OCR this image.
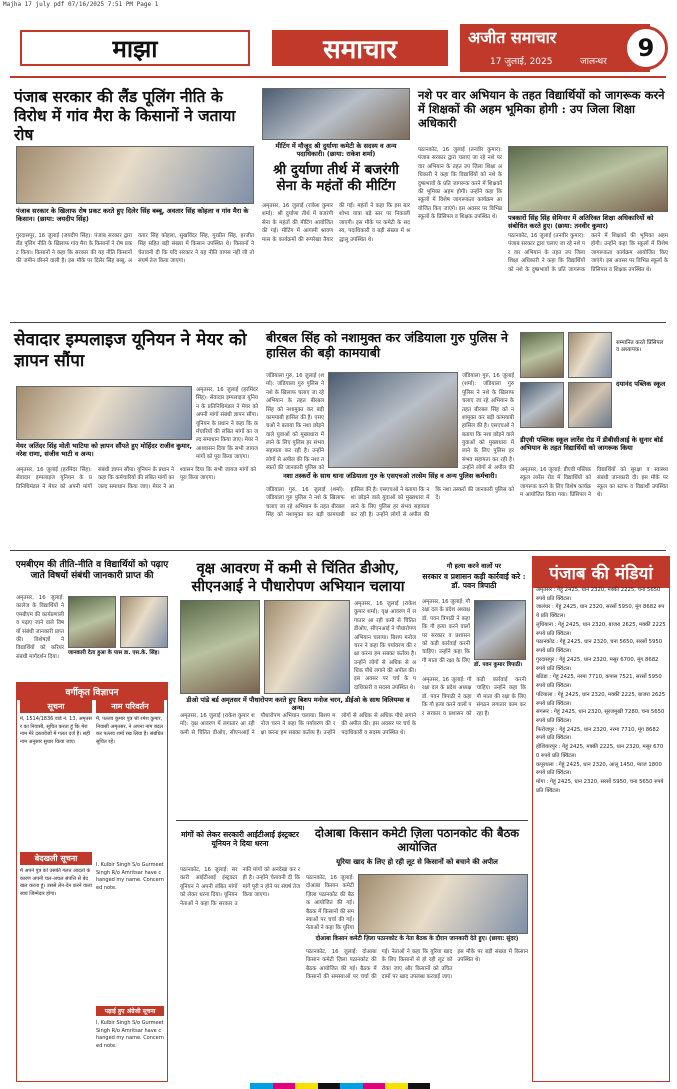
Majha 17 july pdf 07/16/2025 7:51 PM Page 1
माझा	समाचार	अजीत समाचार
17 जुलाई, 2025	जालन्धर	9
पंजाब सरकार की लैंड पूलिंग नीति के विरोध में गांव मैरा के किसानों ने जताया रोष
पंजाब सरकार के खिलाफ रोष प्रकट करते हुए दिलेर सिंह बब्बू, अवतार सिंह कोहला व गांव मैरा के किसान। (छाया: जयदीप सिंह)
गुरदासपुर, 16 जुलाई (जयदीप सिंह): पंजाब सरकार द्वारा लैंड पूलिंग नीति के खिलाफ गांव मैरा के किसानों ने रोष प्रकट किया। किसानों ने कहा कि सरकार की यह नीति किसानों की जमीन छीनने वाली है। इस मौके पर दिलेर सिंह बब्बू, अवतार सिंह कोहला, सुखविंदर सिंह, गुरप्रीत सिंह, हरजीत सिंह सहित बड़ी संख्या में किसान उपस्थित थे। किसानों ने चेतावनी दी कि यदि सरकार ने यह नीति वापस नहीं ली तो संघर्ष तेज किया जाएगा।
मीटिंग में मौजूद श्री दुर्याणा कमेटी के सदस्य व अन्य पदाधिकारी। (छाया: राकेश शर्मा)
श्री दुर्याणा तीर्थ में बजरंगी सेना के महंतों की मीटिंग
अमृतसर, 16 जुलाई (राकेश कुमार शर्मा): श्री दुर्याणा तीर्थ में बजरंगी सेना के महंतों की मीटिंग आयोजित की गई। मीटिंग में आगामी श्रावण मास के कार्यक्रमों की रूपरेखा तैयार की गई। महंतों ने कहा कि इस बार शोभा यात्रा बड़े स्तर पर निकाली जाएगी। इस मौके पर कमेटी के सदस्य, पदाधिकारी व बड़ी संख्या में श्रद्धालु उपस्थित थे।
नशे पर वार अभियान के तहत विद्यार्थियों को जागरूक करने में शिक्षकों की अहम भूमिका होगी : उप जिला शिक्षा अधिकारी
पठानकोट, 16 जुलाई (तनवीर कुमार): पंजाब सरकार द्वारा चलाए जा रहे नशे पर वार अभियान के तहत उप जिला शिक्षा अधिकारी ने कहा कि विद्यार्थियों को नशे के दुष्प्रभावों के प्रति जागरूक करने में शिक्षकों की भूमिका अहम होगी। उन्होंने कहा कि स्कूलों में विशेष जागरूकता कार्यक्रम आयोजित किए जाएंगे। इस अवसर पर विभिन्न स्कूलों के प्रिंसिपल व शिक्षक उपस्थित थे।	पत्रकारों सिंह सिंह सेमिनार में अतिरिक्त शिक्षा अधिकारियों को संबोधित करते हुए। (छाया: तनवीर कुमार)
पठानकोट, 16 जुलाई (तनवीर कुमार): पंजाब सरकार द्वारा चलाए जा रहे नशे पर वार अभियान के तहत उप जिला शिक्षा अधिकारी ने कहा कि विद्यार्थियों को नशे के दुष्प्रभावों के प्रति जागरूक करने में शिक्षकों की भूमिका अहम होगी। उन्होंने कहा कि स्कूलों में विशेष जागरूकता कार्यक्रम आयोजित किए जाएंगे। इस अवसर पर विभिन्न स्कूलों के प्रिंसिपल व शिक्षक उपस्थित थे।
सेवादार इम्पलाइज यूनियन ने मेयर को ज्ञापन सौंपा
मेयर जतिंदर सिंह मोती भाटिया को ज्ञापन सौंपते हुए मोहिंदर राजीव कुमार, नरेश राणा, संजीव भाटी व अन्य।
अमृतसर, 16 जुलाई (हरमिंदर सिंह): सेवादार इम्पलाइज यूनियन के प्रतिनिधिमंडल ने मेयर को अपनी मांगों संबंधी ज्ञापन सौंपा। यूनियन के प्रधान ने कहा कि कर्मचारियों की लंबित मांगों का जल्द समाधान किया जाए। मेयर ने आश्वासन दिया कि सभी जायज मांगों को पूरा किया जाएगा।
अमृतसर, 16 जुलाई (हरमिंदर सिंह): सेवादार इम्पलाइज यूनियन के प्रतिनिधिमंडल ने मेयर को अपनी मांगों संबंधी ज्ञापन सौंपा। यूनियन के प्रधान ने कहा कि कर्मचारियों की लंबित मांगों का जल्द समाधान किया जाए। मेयर ने आश्वासन दिया कि सभी जायज मांगों को पूरा किया जाएगा।
बीरबल सिंह को नशामुक्त कर जंडियाला गुरु पुलिस ने हासिल की बड़ी कामयाबी
जंडियाला गुरु, 16 जुलाई (शर्मा): जंडियाला गुरु पुलिस ने नशे के खिलाफ चलाए जा रहे अभियान के तहत बीरबल सिंह को नशामुक्त कर बड़ी कामयाबी हासिल की है। एसएचओ ने बताया कि नशा छोड़ने वाले युवाओं को मुख्यधारा में लाने के लिए पुलिस हर संभव सहायता कर रही है। उन्होंने लोगों से अपील की कि नशा तस्करों की जानकारी पुलिस को
जंडियाला गुरु, 16 जुलाई (शर्मा): जंडियाला गुरु पुलिस ने नशे के खिलाफ चलाए जा रहे अभियान के तहत बीरबल सिंह को नशामुक्त कर बड़ी कामयाबी हासिल की है। एसएचओ ने बताया कि नशा छोड़ने वाले युवाओं को मुख्यधारा में लाने के लिए पुलिस हर संभव सहायता कर रही है। उन्होंने लोगों से अपील की
नशा तस्करों के साथ थाना जंडियाला गुरु के एसएचओ तरसेम सिंह व अन्य पुलिस कर्मचारी।
जंडियाला गुरु, 16 जुलाई (शर्मा): जंडियाला गुरु पुलिस ने नशे के खिलाफ चलाए जा रहे अभियान के तहत बीरबल सिंह को नशामुक्त कर बड़ी कामयाबी हासिल की है। एसएचओ ने बताया कि नशा छोड़ने वाले युवाओं को मुख्यधारा में लाने के लिए पुलिस हर संभव सहायता कर रही है। उन्होंने लोगों से अपील की कि नशा तस्करों की जानकारी पुलिस को दें।
सम्मानित करते प्रिंसिपल व अध्यापक।
दयानंद पब्लिक स्कूल
डीएवी पब्लिक स्कूल लारेंस रोड में डीबीसीआई के सुनार बोर्ड अभियान के तहत विद्यार्थियों को जागरूक किया
अमृतसर, 16 जुलाई: डीएवी पब्लिक स्कूल लारेंस रोड में विद्यार्थियों को जागरूक करने के लिए विशेष कार्यक्रम आयोजित किया गया। प्रिंसिपल ने विद्यार्थियों को सुरक्षा व स्वास्थ्य संबंधी जानकारी दी। इस मौके पर स्कूल का स्टाफ व विद्यार्थी उपस्थित थे।
एमबीएम की तीति-नीति व विद्यार्थियों को पढ़ाए जाते विषयों संबंधी जानकारी प्राप्त की
अमृतसर, 16 जुलाई: कालेज के विद्यार्थियों ने एमबीएम की कार्यप्रणाली व पढ़ाए जाने वाले विषयों संबंधी जानकारी प्राप्त की। विशेषज्ञों ने विद्यार्थियों को करियर संबंधी मार्गदर्शन दिया।
जानकारी देता हुआ के पास डा. एस.के. सिंह।
वर्गीकृत विज्ञापन
सूचना
में, 1514/1836 वार्ड नं. 13, अमृतसर का निवासी, सूचित करता हूं कि मेरा नाम मेरे दस्तावेजों में गलत दर्ज है। सही नाम अनुसार सुधार किया जाए।
नाम परिवर्तन
मैं, पल्लव कुमार पुत्र श्री रमेश कुमार, निवासी अमृतसर, ने अपना नाम बदल कर पल्लव शर्मा रख लिया है। संबंधित सूचित रहें।
बेदखली सूचना
मैं अपने पुत्र को उसकी गलत आदतों के कारण अपनी चल-अचल संपत्ति से बेदखल करता हूं। उससे लेन-देन करने वाला स्वयं जिम्मेदार होगा।
I, Kulbir Singh S/o Gurmeet Singh R/o Amritsar have changed my name. Concerned note.
पढ़ाई हुए अंग्रेजी सूचना
I, Kulbir Singh S/o Gurmeet Singh R/o Amritsar have changed my name. Concerned note.
वृक्ष आवरण में कमी से चिंतित डीओए, सीएनआई ने पौधारोपण अभियान चलाया
अमृतसर, 16 जुलाई (राकेश कुमार शर्मा): वृक्ष आवरण में लगातार आ रही कमी से चिंतित डीओए, सीएनआई ने पौधारोपण अभियान चलाया। बिशप मनोज चरन ने कहा कि पर्यावरण की रक्षा करना हम सबका कर्तव्य है। उन्होंने लोगों से अधिक से अधिक पौधे लगाने की अपील की। इस अवसर पर चर्च के पदाधिकारी व सदस्य उपस्थित थे।
डीओ पांडे बर्ड अमृतसर में पौधारोपण करते हुए बिशप मनोज चरन, डीईओ के साथ विलियम्स व अन्य।
अमृतसर, 16 जुलाई (राकेश कुमार शर्मा): वृक्ष आवरण में लगातार आ रही कमी से चिंतित डीओए, सीएनआई ने पौधारोपण अभियान चलाया। बिशप मनोज चरन ने कहा कि पर्यावरण की रक्षा करना हम सबका कर्तव्य है। उन्होंने लोगों से अधिक से अधिक पौधे लगाने की अपील की। इस अवसर पर चर्च के पदाधिकारी व सदस्य उपस्थित थे।
गौ हत्या करने वालों पर
सरकार व प्रशासन कड़ी कार्रवाई करे : डॉ. पवन त्रिपाठी
अमृतसर, 16 जुलाई: गौ रक्षा दल के प्रदेश अध्यक्ष डॉ. पवन त्रिपाठी ने कहा कि गौ हत्या करने वालों पर सरकार व प्रशासन को कड़ी कार्रवाई करनी चाहिए। उन्होंने कहा कि गौ माता की रक्षा के लिए
डॉ. पवन कुमार त्रिपाठी।
अमृतसर, 16 जुलाई: गौ रक्षा दल के प्रदेश अध्यक्ष डॉ. पवन त्रिपाठी ने कहा कि गौ हत्या करने वालों पर सरकार व प्रशासन को कड़ी कार्रवाई करनी चाहिए। उन्होंने कहा कि गौ माता की रक्षा के लिए संगठन लगातार काम कर रहा है।
पंजाब की मंडियां
अमृतसर : गेहूं 2425, धान 2320, मक्की 2225, चना 5650 रुपये प्रति क्विंटल।
जालंधर : गेहूं 2425, धान 2320, सरसों 5950, मूंग 8682 रुपये प्रति क्विंटल।
लुधियाना : गेहूं 2425, धान 2320, बाजरा 2625, मक्की 2225 रुपये प्रति क्विंटल।
पठानकोट : गेहूं 2425, धान 2320, चना 5650, सरसों 5950 रुपये प्रति क्विंटल।
गुरदासपुर : गेहूं 2425, धान 2320, मसूर 6700, मूंग 8682 रुपये प्रति क्विंटल।
बठिंडा : गेहूं 2425, नरमा 7710, कपास 7521, सरसों 5950 रुपये प्रति क्विंटल।
पटियाला : गेहूं 2425, धान 2320, मक्की 2225, बाजरा 2625 रुपये प्रति क्विंटल।
संगरूर : गेहूं 2425, धान 2320, सूरजमुखी 7280, चना 5650 रुपये प्रति क्विंटल।
फिरोजपुर : गेहूं 2425, धान 2320, नरमा 7710, मूंग 8682 रुपये प्रति क्विंटल।
होशियारपुर : गेहूं 2425, मक्की 2225, धान 2320, मसूर 6700 रुपये प्रति क्विंटल।
कपूरथला : गेहूं 2425, धान 2320, आलू 1450, प्याज 1800 रुपये प्रति क्विंटल।
मोगा : गेहूं 2425, धान 2320, सरसों 5950, चना 5650 रुपये प्रति क्विंटल।
मांगों को लेकर सरकारी आईटीआई इंस्ट्रक्टर यूनियन ने दिया धरना
पठानकोट, 16 जुलाई: सरकारी आईटीआई इंस्ट्रक्टर यूनियन ने अपनी लंबित मांगों को लेकर धरना दिया। यूनियन नेताओं ने कहा कि सरकार उनकी मांगों को अनदेखा कर रही है। उन्होंने चेतावनी दी कि मांगें पूरी न होने पर संघर्ष तेज किया जाएगा।
दोआबा किसान कमेटी ज़िला पठानकोट की बैठक आयोजित
यूरिया खाद के लिए हो रही लूट से किसानों को बचाने की अपील
पठानकोट, 16 जुलाई: दोआबा किसान कमेटी ज़िला पठानकोट की बैठक आयोजित की गई। बैठक में किसानों की समस्याओं पर चर्चा की गई। नेताओं ने कहा कि यूरिया
दोआबा किसान कमेटी ज़िला पठानकोट के नेता बैठक के दौरान जानकारी देते हुए। (छाया: सुंदर)
पठानकोट, 16 जुलाई: दोआबा किसान कमेटी ज़िला पठानकोट की बैठक आयोजित की गई। बैठक में किसानों की समस्याओं पर चर्चा की गई। नेताओं ने कहा कि यूरिया खाद के लिए किसानों से हो रही लूट को रोका जाए और किसानों को उचित दामों पर खाद उपलब्ध करवाई जाए। इस मौके पर बड़ी संख्या में किसान उपस्थित थे।
